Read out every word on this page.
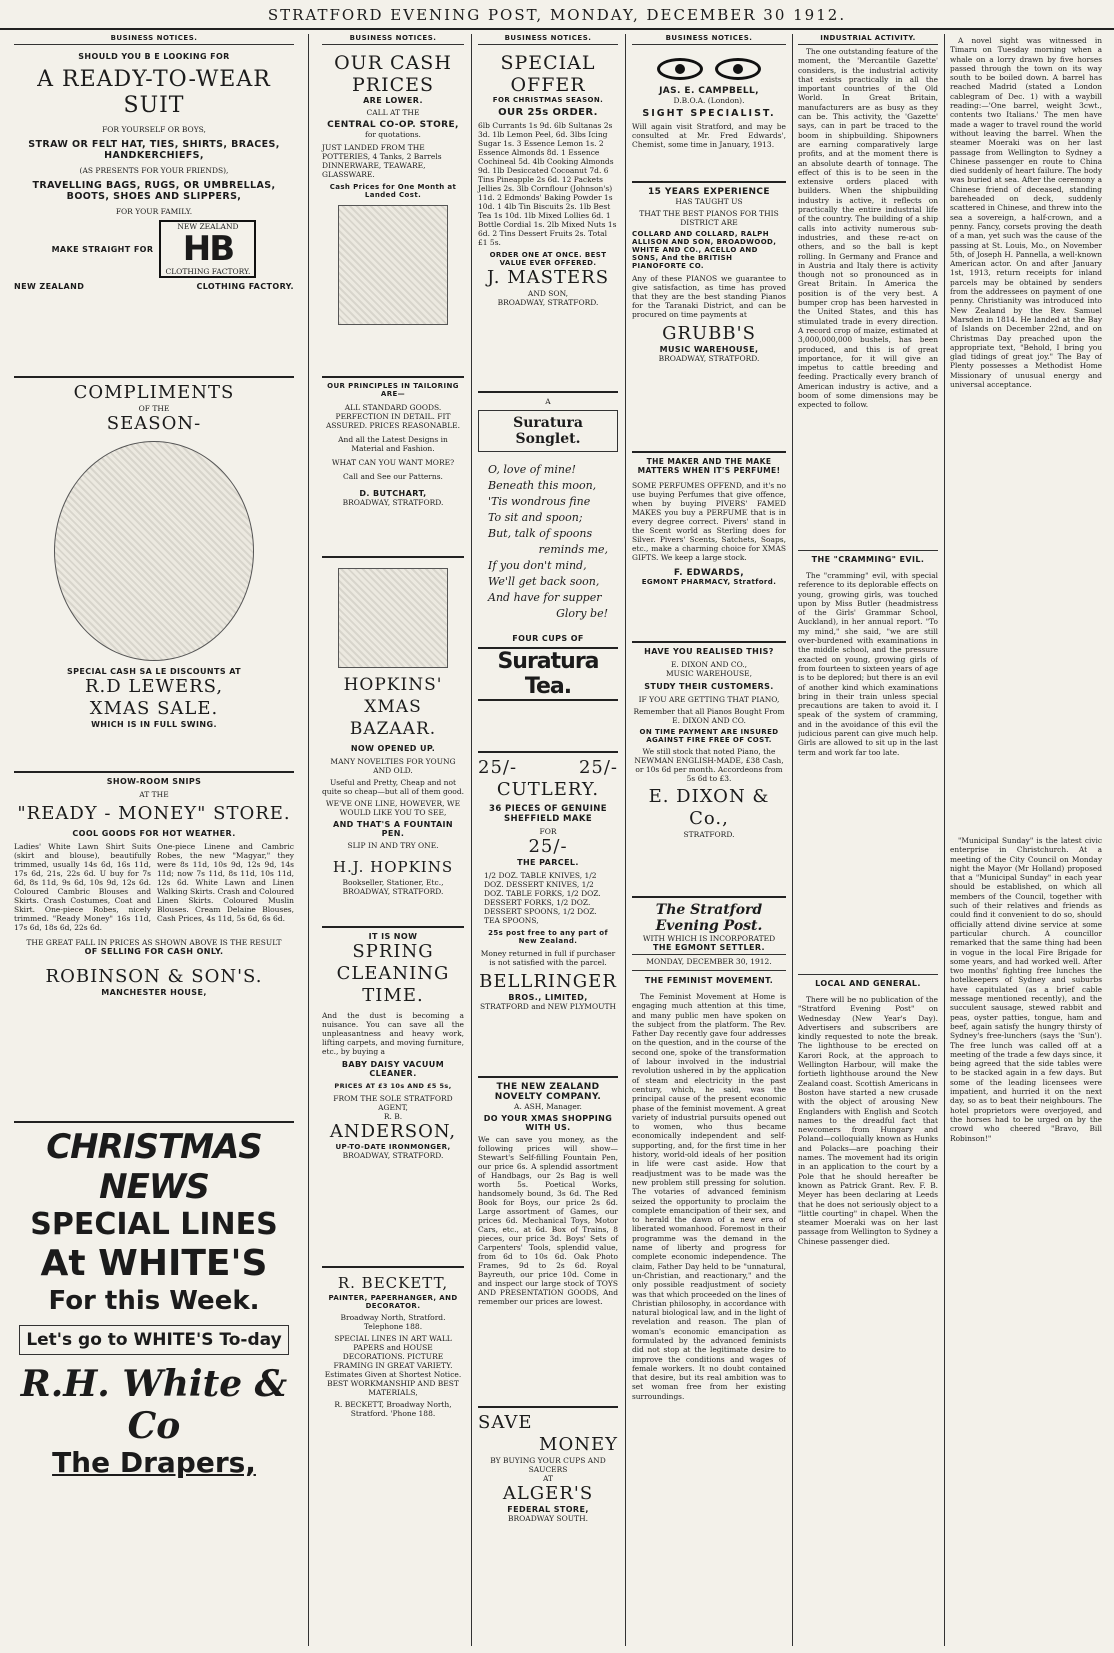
STRATFORD EVENING POST, MONDAY, DECEMBER 30 1912.
BUSINESS NOTICES.
SHOULD YOU B E LOOKING FOR
A READY-TO-WEAR SUIT
FOR YOURSELF OR BOYS,
STRAW OR FELT HAT, TIES, SHIRTS, BRACES, HANDKERCHIEFS,
(AS PRESENTS FOR YOUR FRIENDS),
TRAVELLING BAGS, RUGS, OR UMBRELLAS, BOOTS, SHOES AND SLIPPERS,
FOR YOUR FAMILY.
MAKE STRAIGHT FOR
NEW ZEALAND
HB
CLOTHING FACTORY.
NEW ZEALAND	CLOTHING FACTORY.
COMPLIMENTS
OF THE
SEASON-
SPECIAL CASH SA LE DISCOUNTS AT
R.D LEWERS,
XMAS SALE.
WHICH IS IN FULL SWING.
SHOW-ROOM SNIPS
AT THE
"READY - MONEY" STORE.
COOL GOODS FOR HOT WEATHER.
Ladies' White Lawn Shirt Suits (skirt and blouse), beautifully trimmed, usually 14s 6d, 16s 11d, 17s 6d, 21s, 22s 6d. U buy for 7s 6d, 8s 11d, 9s 6d, 10s 9d, 12s 6d. Coloured Cambric Blouses and Skirts. Crash Costumes, Coat and Skirt. One-piece Robes, nicely trimmed. "Ready Money" 16s 11d, 17s 6d, 18s 6d, 22s 6d.
One-piece Linene and Cambric Robes, the new "Magyar," they were 8s 11d, 10s 9d, 12s 9d, 14s 11d; now 7s 11d, 8s 11d, 10s 11d, 12s 6d. White Lawn and Linen Walking Skirts. Crash and Coloured Linen Skirts. Coloured Muslin Blouses. Cream Delaine Blouses, Cash Prices, 4s 11d, 5s 6d, 6s 6d.
THE GREAT FALL IN PRICES AS SHOWN ABOVE IS THE RESULT
OF SELLING FOR CASH ONLY.
ROBINSON & SON'S.
MANCHESTER HOUSE,
CHRISTMAS NEWS
SPECIAL LINES
At WHITE'S
For this Week.
Let's go to WHITE'S To-day
R.H. White & Co
The Drapers,
BUSINESS NOTICES.
OUR CASH PRICES
ARE LOWER.
CALL AT THE
CENTRAL CO-OP. STORE,
for quotations.
JUST LANDED FROM THE POTTERIES, 4 Tanks, 2 Barrels DINNERWARE, TEAWARE, GLASSWARE.
Cash Prices for One Month at Landed Cost.
OUR PRINCIPLES IN TAILORING ARE—
ALL STANDARD GOODS. PERFECTION IN DETAIL. FIT ASSURED. PRICES REASONABLE.
And all the Latest Designs in Material and Fashion.
WHAT CAN YOU WANT MORE?
Call and See our Patterns.
D. BUTCHART,
BROADWAY, STRATFORD.
HOPKINS' XMAS BAZAAR.
NOW OPENED UP.
MANY NOVELTIES FOR YOUNG AND OLD.
Useful and Pretty, Cheap and not quite so cheap—but all of them good.
WE'VE ONE LINE, HOWEVER, WE WOULD LIKE YOU TO SEE,
AND THAT'S A FOUNTAIN PEN.
SLIP IN AND TRY ONE.
H.J. HOPKINS
Bookseller, Stationer, Etc.,
BROADWAY, STRATFORD.
IT IS NOW
SPRING
CLEANING
TIME.
And the dust is becoming a nuisance. You can save all the unpleasantness and heavy work, lifting carpets, and moving furniture, etc., by buying a
BABY DAISY VACUUM CLEANER.
PRICES AT £3 10s AND £5 5s,
FROM THE SOLE STRATFORD AGENT,
R. B.
ANDERSON,
UP-TO-DATE IRONMONGER,
BROADWAY, STRATFORD.
R. BECKETT,
PAINTER, PAPERHANGER, AND DECORATOR.
Broadway North, Stratford. Telephone 188.
SPECIAL LINES IN ART WALL PAPERS and HOUSE DECORATIONS. PICTURE FRAMING IN GREAT VARIETY. Estimates Given at Shortest Notice. BEST WORKMANSHIP AND BEST MATERIALS,
R. BECKETT, Broadway North, Stratford. 'Phone 188.
BUSINESS NOTICES.
SPECIAL OFFER
FOR CHRISTMAS SEASON.
OUR 25s ORDER.
6lb Currants 1s 9d. 6lb Sultanas 2s 3d. 1lb Lemon Peel, 6d. 3lbs Icing Sugar 1s. 3 Essence Lemon 1s. 2 Essence Almonds 8d. 1 Essence Cochineal 5d. 4lb Cooking Almonds 9d. 1lb Desiccated Cocoanut 7d. 6 Tins Pineapple 2s 6d. 12 Packets Jellies 2s. 3lb Cornflour (Johnson's) 11d. 2 Edmonds' Baking Powder 1s 10d. 1 4lb Tin Biscuits 2s. 1lb Best Tea 1s 10d. 1lb Mixed Lollies 6d. 1 Bottle Cordial 1s. 2lb Mixed Nuts 1s 6d. 2 Tins Dessert Fruits 2s. Total £1 5s.
ORDER ONE AT ONCE. BEST VALUE EVER OFFERED.
J. MASTERS
AND SON,
BROADWAY, STRATFORD.
A
Suratura Songlet.
O, love of mine!
Beneath this moon,
'Tis wondrous fine
To sit and spoon;
But, talk of spoons
reminds me,
If you don't mind,
We'll get back soon,
And have for supper
Glory be!
FOUR CUPS OF
Suratura Tea.
25/-	25/-
CUTLERY.
36 PIECES OF GENUINE SHEFFIELD MAKE
FOR
25/-
THE PARCEL.
1/2 DOZ. TABLE KNIVES, 1/2 DOZ. DESSERT KNIVES, 1/2 DOZ. TABLE FORKS, 1/2 DOZ. DESSERT FORKS, 1/2 DOZ. DESSERT SPOONS, 1/2 DOZ. TEA SPOONS,
25s post free to any part of New Zealand.
Money returned in full if purchaser is not satisfied with the parcel.
BELLRINGER
BROS., LIMITED,
STRATFORD and NEW PLYMOUTH
THE NEW ZEALAND NOVELTY COMPANY.
A. ASH, Manager.
DO YOUR XMAS SHOPPING WITH US.
We can save you money, as the following prices will show— Stewart's Self-filling Fountain Pen, our price 6s. A splendid assortment of Handbags, our 2s Bag is well worth 5s. Poetical Works, handsomely bound, 3s 6d. The Red Book for Boys, our price 2s 6d. Large assortment of Games, our prices 6d. Mechanical Toys, Motor Cars, etc., at 6d. Box of Trains, 8 pieces, our price 3d. Boys' Sets of Carpenters' Tools, splendid value, from 6d to 10s 6d. Oak Photo Frames, 9d to 2s 6d. Royal Bayreuth, our price 10d. Come in and inspect our large stock of TOYS AND PRESENTATION GOODS, And remember our prices are lowest.
SAVE
MONEY
BY BUYING YOUR CUPS AND SAUCERS
AT
ALGER'S
FEDERAL STORE,
BROADWAY SOUTH.
BUSINESS NOTICES.
JAS. E. CAMPBELL,
D.B.O.A. (London).
SIGHT SPECIALIST.
Will again visit Stratford, and may be consulted at Mr. Fred Edwards', Chemist, some time in January, 1913.
15 YEARS EXPERIENCE
HAS TAUGHT US
THAT THE BEST PIANOS FOR THIS DISTRICT ARE
COLLARD AND COLLARD, RALPH ALLISON AND SON, BROADWOOD, WHITE AND CO., ACELLO AND SONS, And the BRITISH PIANOFORTE CO.
Any of these PIANOS we guarantee to give satisfaction, as time has proved that they are the best standing Pianos for the Taranaki District, and can be procured on time payments at
GRUBB'S
MUSIC WAREHOUSE,
BROADWAY, STRATFORD.
THE MAKER AND THE MAKE MATTERS WHEN IT'S PERFUME!
SOME PERFUMES OFFEND, and it's no use buying Perfumes that give offence, when by buying PIVERS' FAMED MAKES you buy a PERFUME that is in every degree correct. Pivers' stand in the Scent world as Sterling does for Silver. Pivers' Scents, Satchets, Soaps, etc., make a charming choice for XMAS GIFTS. We keep a large stock.
F. EDWARDS,
EGMONT PHARMACY, Stratford.
HAVE YOU REALISED THIS?
E. DIXON AND CO.,
MUSIC WAREHOUSE,
STUDY THEIR CUSTOMERS.
IF YOU ARE GETTING THAT PIANO,
Remember that all Pianos Bought From E. DIXON AND CO.
ON TIME PAYMENT ARE INSURED AGAINST FIRE FREE OF COST.
We still stock that noted Piano, the NEWMAN ENGLISH-MADE, £38 Cash, or 10s 6d per month. Accordeons from 5s 6d to £3.
E. DIXON & Co.,
STRATFORD.
The Stratford Evening Post.
WITH WHICH IS INCORPORATED
THE EGMONT SETTLER.
MONDAY, DECEMBER 30, 1912.
THE FEMINIST MOVEMENT.

The Feminist Movement at Home is engaging much attention at this time, and many public men have spoken on the subject from the platform. The Rev. Father Day recently gave four addresses on the question, and in the course of the second one, spoke of the transformation of labour involved in the industrial revolution ushered in by the application of steam and electricity in the past century, which, he said, was the principal cause of the present economic phase of the feminist movement. A great variety of industrial pursuits opened out to women, who thus became economically independent and self-supporting, and, for the first time in her history, world-old ideals of her position in life were cast aside. How that readjustment was to be made was the new problem still pressing for solution. The votaries of advanced feminism seized the opportunity to proclaim the complete emancipation of their sex, and to herald the dawn of a new era of liberated womanhood. Foremost in their programme was the demand in the name of liberty and progress for complete economic independence. The claim, Father Day held to be "unnatural, un-Christian, and reactionary," and the only possible readjustment of society was that which proceeded on the lines of Christian philosophy, in accordance with natural biological law, and in the light of revelation and reason. The plan of woman's economic emancipation as formulated by the advanced feminists did not stop at the legitimate desire to improve the conditions and wages of female workers. It no doubt contained that desire, but its real ambition was to set woman free from her existing surroundings.

INDUSTRIAL ACTIVITY.

The one outstanding feature of the moment, the 'Mercantile Gazette' considers, is the industrial activity that exists practically in all the important countries of the Old World. In Great Britain, manufacturers are as busy as they can be. This activity, the 'Gazette' says, can in part be traced to the boom in shipbuilding. Shipowners are earning comparatively large profits, and at the moment there is an absolute dearth of tonnage. The effect of this is to be seen in the extensive orders placed with builders. When the shipbuilding industry is active, it reflects on practically the entire industrial life of the country. The building of a ship calls into activity numerous sub-industries, and these re-act on others, and so the ball is kept rolling. In Germany and France and in Austria and Italy there is activity though not so pronounced as in Great Britain. In America the position is of the very best. A bumper crop has been harvested in the United States, and this has stimulated trade in every direction. A record crop of maize, estimated at 3,000,000,000 bushels, has been produced, and this is of great importance, for it will give an impetus to cattle breeding and feeding. Practically every branch of American industry is active, and a boom of some dimensions may be expected to follow.

THE "CRAMMING" EVIL.

The "cramming" evil, with special reference to its deplorable effects on young, growing girls, was touched upon by Miss Butler (headmistress of the Girls' Grammar School, Auckland), in her annual report. "To my mind," she said, "we are still over-burdened with examinations in the middle school, and the pressure exacted on young, growing girls of from fourteen to sixteen years of age is to be deplored; but there is an evil of another kind which examinations bring in their train unless special precautions are taken to avoid it. I speak of the system of cramming, and in the avoidance of this evil the judicious parent can give much help. Girls are allowed to sit up in the last term and work far too late.

LOCAL AND GENERAL.

There will be no publication of the "Stratford Evening Post" on Wednesday (New Year's Day). Advertisers and subscribers are kindly requested to note the break. The lighthouse to be erected on Karori Rock, at the approach to Wellington Harbour, will make the fortieth lighthouse around the New Zealand coast. Scottish Americans in Boston have started a new crusade with the object of arousing New Englanders with English and Scotch names to the dreadful fact that newcomers from Hungary and Poland—colloquially known as Hunks and Polacks—are poaching their names. The movement had its origin in an application to the court by a Pole that he should hereafter be known as Patrick Grant. Rev. F. B. Meyer has been declaring at Leeds that he does not seriously object to a "little courting" in chapel. When the steamer Moeraki was on her last passage from Wellington to Sydney a Chinese passenger died.

A novel sight was witnessed in Timaru on Tuesday morning when a whale on a lorry drawn by five horses passed through the town on its way south to be boiled down. A barrel has reached Madrid (stated a London cablegram of Dec. 1) with a waybill reading:—'One barrel, weight 3cwt., contents two Italians.' The men have made a wager to travel round the world without leaving the barrel. When the steamer Moeraki was on her last passage from Wellington to Sydney a Chinese passenger en route to China died suddenly of heart failure. The body was buried at sea. After the ceremony a Chinese friend of deceased, standing bareheaded on deck, suddenly scattered in Chinese, and threw into the sea a sovereign, a half-crown, and a penny. Fancy, corsets proving the death of a man, yet such was the cause of the passing at St. Louis, Mo., on November 5th, of Joseph H. Pannella, a well-known American actor. On and after January 1st, 1913, return receipts for inland parcels may be obtained by senders from the addressees on payment of one penny. Christianity was introduced into New Zealand by the Rev. Samuel Marsden in 1814. He landed at the Bay of Islands on December 22nd, and on Christmas Day preached upon the appropriate text, "Behold, I bring you glad tidings of great joy." The Bay of Plenty possesses a Methodist Home Missionary of unusual energy and universal acceptance.

"Municipal Sunday" is the latest civic enterprise in Christchurch. At a meeting of the City Council on Monday night the Mayor (Mr Holland) proposed that a "Municipal Sunday" in each year should be established, on which all members of the Council, together with such of their relatives and friends as could find it convenient to do so, should officially attend divine service at some particular church. A councillor remarked that the same thing had been in vogue in the local Fire Brigade for some years, and had worked well. After two months' fighting free lunches the hotelkeepers of Sydney and suburbs have capitulated (as a brief cable message mentioned recently), and the succulent sausage, stewed rabbit and peas, oyster patties, tongue, ham and beef, again satisfy the hungry thirsty of Sydney's free-lunchers (says the 'Sun'). The free lunch was called off at a meeting of the trade a few days since, it being agreed that the side tables were to be stacked again in a few days. But some of the leading licensees were impatient, and hurried it on the next day, so as to beat their neighbours. The hotel proprietors were overjoyed, and the horses had to be urged on by the crowd who cheered "Bravo, Bill Robinson!"
